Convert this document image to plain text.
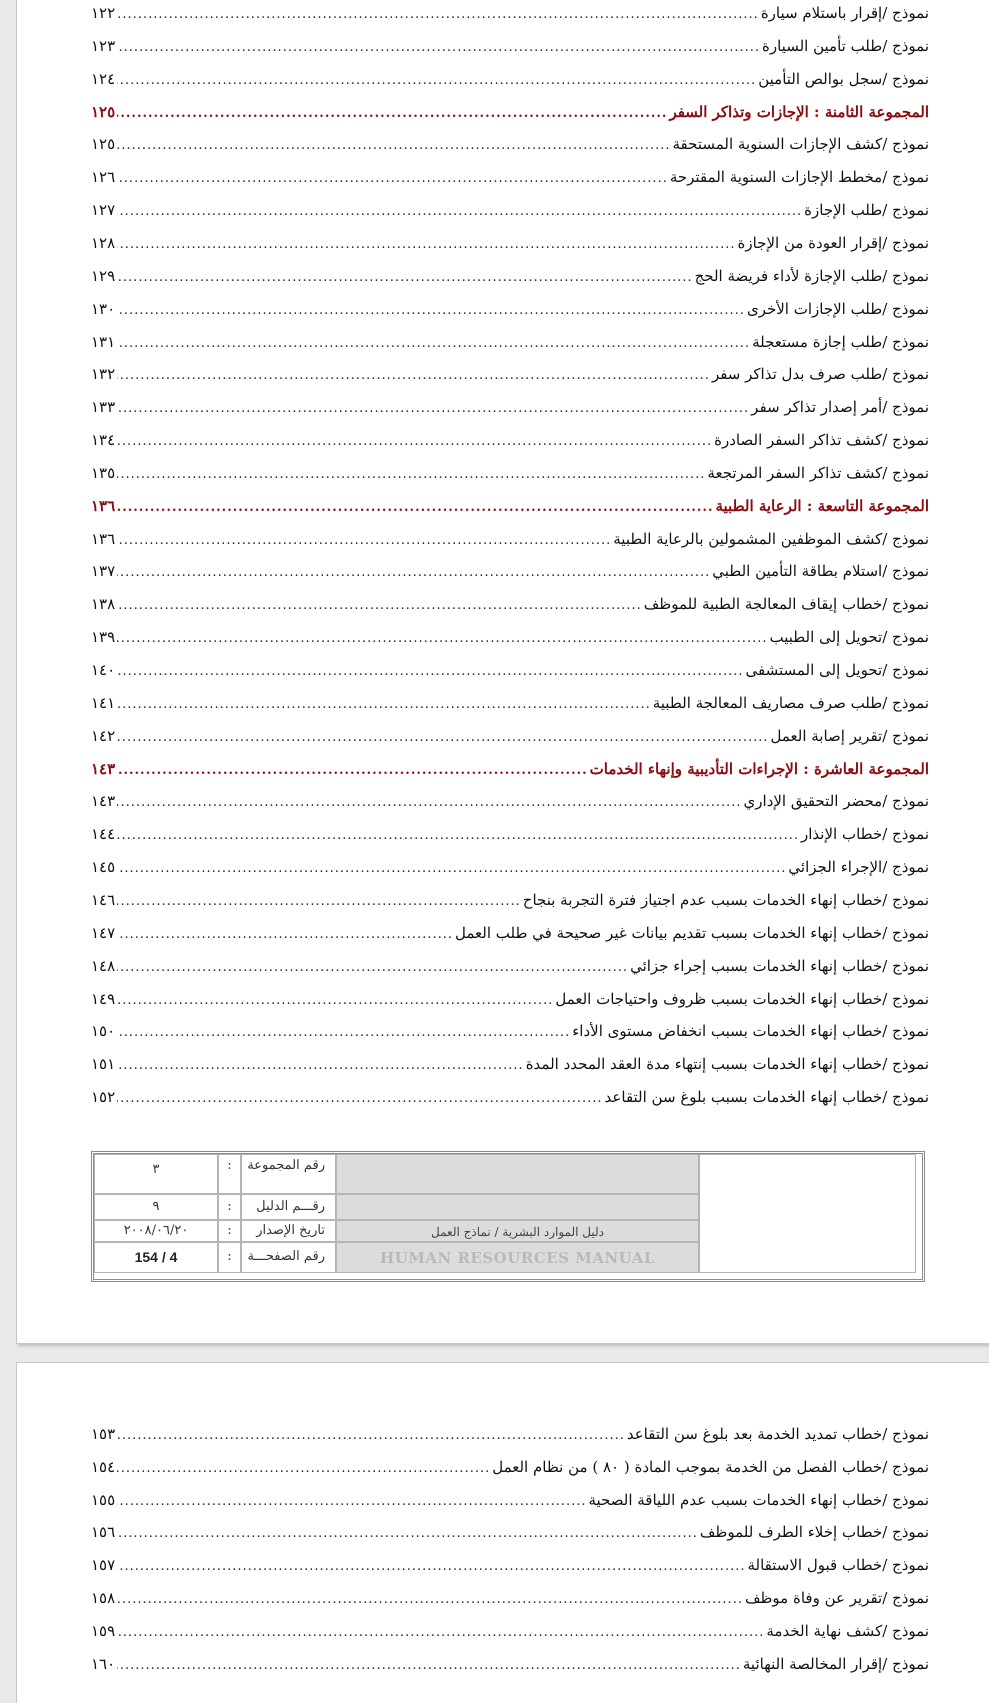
نموذج /
إقرار باستلام سيارة
.....
١٢٢
نموذج /
طلب تأمين السيارة
.....
١٢٣
نموذج /
سجل بوالص التأمين
.....
١٢٤
المجموعة الثامنة : الإجازات وتذاكر السفر
.....
١٢٥
نموذج /
كشف الإجازات السنوية المستحقة
.....
١٢٥
نموذج /
مخطط الإجازات السنوية المقترحة
.....
١٢٦
نموذج /
طلب الإجازة
.....
١٢٧
نموذج /
إقرار العودة من الإجازة
.....
١٢٨
نموذج /
طلب الإجازة لأداء فريضة الحج
.....
١٢٩
نموذج /
طلب الإجازات الأخرى
.....
١٣٠
نموذج /
طلب إجازة مستعجلة
.....
١٣١
نموذج /
طلب صرف بدل تذاكر سفر
.....
١٣٢
نموذج /
أمر إصدار تذاكر سفر
.....
١٣٣
نموذج /
كشف تذاكر السفر الصادرة
.....
١٣٤
نموذج /
كشف تذاكر السفر المرتجعة
.....
١٣٥
المجموعة التاسعة : الرعاية الطبية
.....
١٣٦
نموذج /
كشف الموظفين المشمولين بالرعاية الطبية
.....
١٣٦
نموذج /
استلام بطاقة التأمين الطبي
.....
١٣٧
نموذج /
خطاب إيقاف المعالجة الطبية للموظف
.....
١٣٨
نموذج /
تحويل إلى الطبيب
.....
١٣٩
نموذج /
تحويل إلى المستشفى
.....
١٤٠
نموذج /
طلب صرف مصاريف المعالجة الطبية
.....
١٤١
نموذج /
تقرير إصابة العمل
.....
١٤٢
المجموعة العاشرة : الإجراءات التأديبية وإنهاء الخدمات
.....
١٤٣
نموذج /
محضر التحقيق الإداري
.....
١٤٣
نموذج /
خطاب الإنذار
.....
١٤٤
نموذج /
الإجراء الجزائي
.....
١٤٥
نموذج /
خطاب إنهاء الخدمات بسبب عدم اجتياز فترة التجربة بنجاح
.....
١٤٦
نموذج /
خطاب إنهاء الخدمات بسبب تقديم بيانات غير صحيحة في طلب العمل
.....
١٤٧
نموذج /
خطاب إنهاء الخدمات بسبب إجراء جزائي
.....
١٤٨
نموذج /
خطاب إنهاء الخدمات بسبب ظروف واحتياجات العمل
.....
١٤٩
نموذج /
خطاب إنهاء الخدمات بسبب انخفاض مستوى الأداء
.....
١٥٠
نموذج /
خطاب إنهاء الخدمات بسبب إنتهاء مدة العقد المحدد المدة
.....
١٥١
نموذج /
خطاب إنهاء الخدمات بسبب بلوغ سن التقاعد
.....
١٥٢
دليل الموارد البشرية / نماذج العمل
HUMAN RESOURCES MANUAL
رقم المجموعة
رقـــم الدليل
تاريخ الإصدار
رقم الصفحـــة
:
:
:
:
٣
٩
٢٠٠٨/٠٦/٢٠
154 / 4
نموذج /
خطاب تمديد الخدمة بعد بلوغ سن التقاعد
.....
١٥٣
نموذج /
خطاب الفصل من الخدمة بموجب المادة ( ٨٠ ) من نظام العمل
.....
١٥٤
نموذج /
خطاب إنهاء الخدمات بسبب عدم اللياقة الصحية
.....
١٥٥
نموذج /
خطاب إخلاء الطرف للموظف
.....
١٥٦
نموذج /
خطاب قبول الاستقالة
.....
١٥٧
نموذج /
تقرير عن وفاة موظف
.....
١٥٨
نموذج /
كشف نهاية الخدمة
.....
١٥٩
نموذج /
إقرار المخالصة النهائية
.....
١٦٠
